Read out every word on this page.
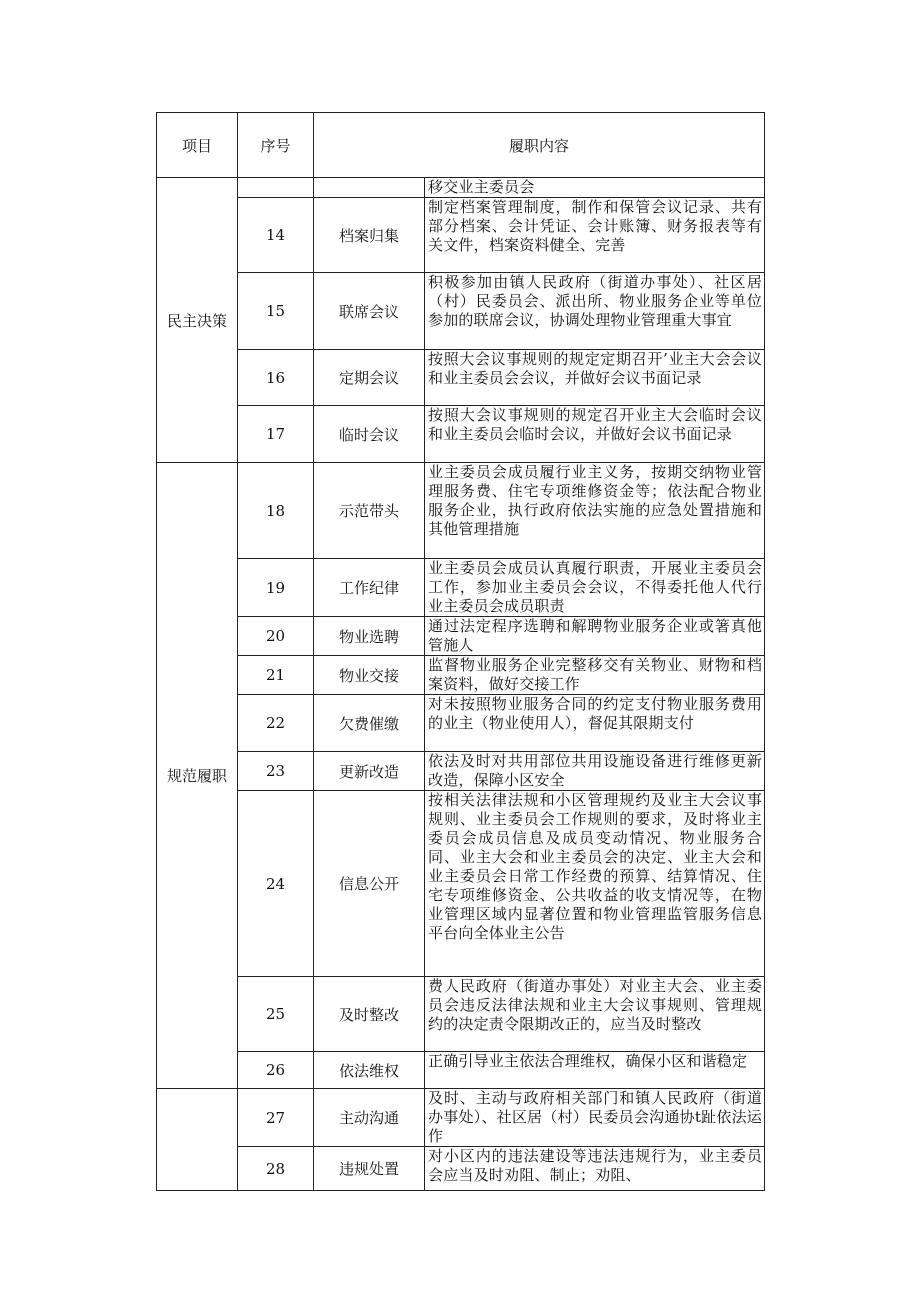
项目	序号	履职内容	
民主决策			移交业主委员会
	14	档案归集	制定档案管理制度，制作和保管会议记录、共有部分档案、会计凭证、会计账簿、财务报表等有关文件，档案资料健全、完善
	15	联席会议	积极参加由镇人民政府（街道办事处）、社区居（村）民委员会、派出所、物业服务企业等单位参加的联席会议，协调处理物业管理重大事宜
	16	定期会议	按照大会议事规则的规定定期召开’业主大会会议和业主委员会会议，并做好会议书面记录
	17	临时会议	按照大会议事规则的规定召开业主大会临时会议和业主委员会临时会议，并做好会议书面记录
规范履职	18	示范带头	业主委员会成员履行业主义务，按期交纳物业管理服务费、住宅专项维修资金等；依法配合物业服务企业，执行政府依法实施的应急处置措施和其他管理措施
	19	工作纪律	业主委员会成员认真履行职责，开展业主委员会工作，参加业主委员会会议，不得委托他人代行业主委员会成员职责
	20	物业选聘	通过法定程序选聘和解聘物业服务企业或箸真他管施人
	21	物业交接	监督物业服务企业完整移交有关物业、财物和档案资料，做好交接工作
	22	欠费催缴	对未按照物业服务合同的约定支付物业服务费用的业主（物业使用人），督促其限期支付
	23	更新改造	依法及时对共用部位共用设施设备进行维修更新改造，保障小区安全
	24	信息公开	按相关法律法规和小区管理规约及业主大会议事规则、业主委员会工作规则的要求，及时将业主委员会成员信息及成员变动情况、物业服务合同、业主大会和业主委员会的决定、业主大会和业主委员会日常工作经费的预算、结算情况、住宅专项维修资金、公共收益的收支情况等，在物业管理区域内显著位置和物业管理监管服务信息平台向全体业主公告
	25	及时整改	费人民政府（街道办事处）对业主大会、业主委员会违反法律法规和业主大会议事规则、管理规约的决定责令限期改正的，应当及时整改
	26	依法维权	正确引导业主依法合理维权，确保小区和谐稳定
	27	主动沟通	及时、主动与政府相关部门和镇人民政府（街道办事处）、社区居（村）民委员会沟通协t趾依法运作
	28	违规处置	对小区内的违法建设等违法违规行为，业主委员会应当及时劝阻、制止；劝阻、
